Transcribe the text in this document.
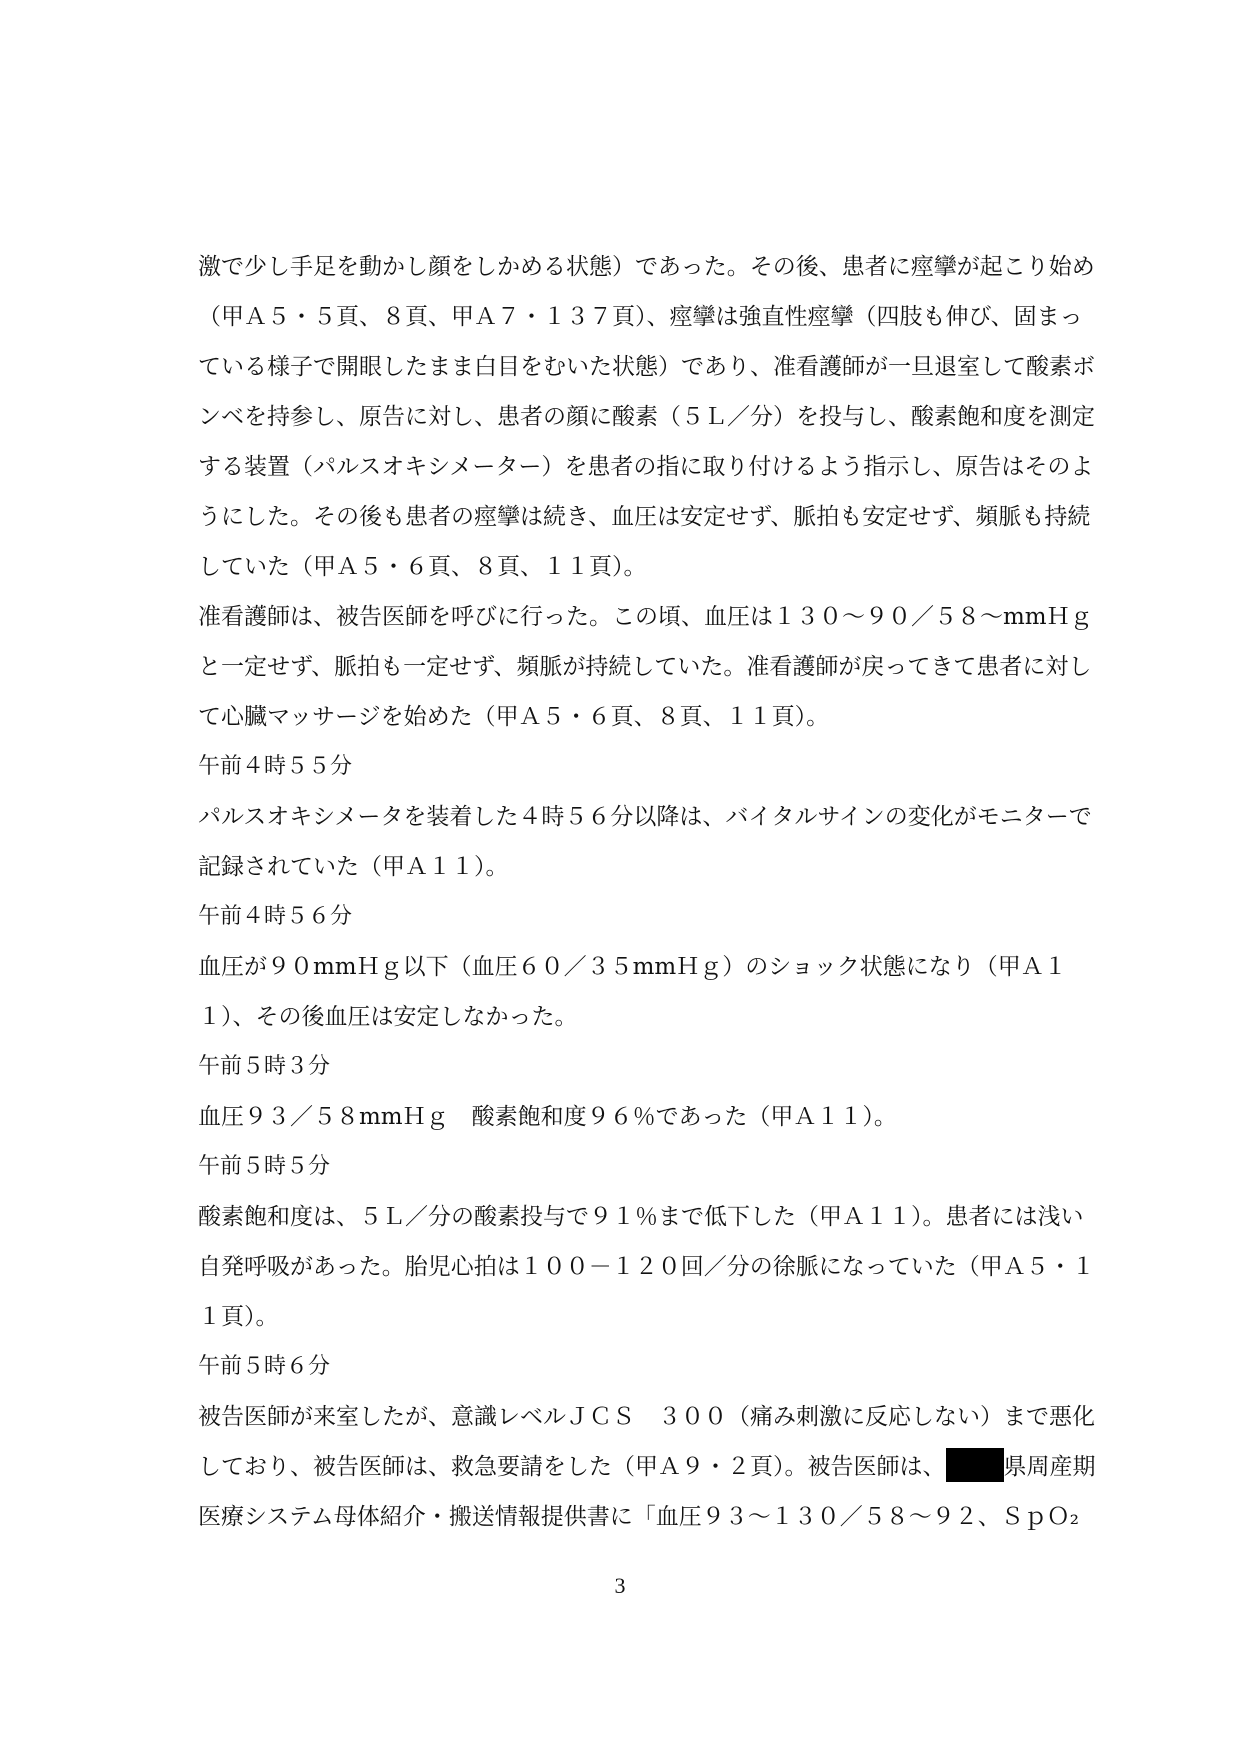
激で少し手足を動かし顔をしかめる状態）であった。その後、患者に痙攣が起こり始め
（甲Ａ５・５頁、８頁、甲Ａ７・１３７頁）、痙攣は強直性痙攣（四肢も伸び、固まっ
ている様子で開眼したまま白目をむいた状態）であり、准看護師が一旦退室して酸素ボ
ンベを持参し、原告に対し、患者の顔に酸素（５Ｌ／分）を投与し、酸素飽和度を測定
する装置（パルスオキシメーター）を患者の指に取り付けるよう指示し、原告はそのよ
うにした。その後も患者の痙攣は続き、血圧は安定せず、脈拍も安定せず、頻脈も持続
していた（甲Ａ５・６頁、８頁、１１頁）。
准看護師は、被告医師を呼びに行った。この頃、血圧は１３０～９０／５８～mmＨｇ
と一定せず、脈拍も一定せず、頻脈が持続していた。准看護師が戻ってきて患者に対し
て心臓マッサージを始めた（甲Ａ５・６頁、８頁、１１頁）。
午前４時５５分
パルスオキシメータを装着した４時５６分以降は、バイタルサインの変化がモニターで
記録されていた（甲Ａ１１）。
午前４時５６分
血圧が９０mmＨｇ以下（血圧６０／３５mmＨｇ）のショック状態になり（甲Ａ１
１）、その後血圧は安定しなかった。
午前５時３分
血圧９３／５８mmＨｇ　酸素飽和度９６％であった（甲Ａ１１）。
午前５時５分
酸素飽和度は、５Ｌ／分の酸素投与で９１％まで低下した（甲Ａ１１）。患者には浅い
自発呼吸があった。胎児心拍は１００－１２０回／分の徐脈になっていた（甲Ａ５・１
１頁）。
午前５時６分
被告医師が来室したが、意識レベルＪＣＳ　３００（痛み刺激に反応しない）まで悪化
しており、被告医師は、救急要請をした（甲Ａ９・２頁）。被告医師は、	県周産期
医療システム母体紹介・搬送情報提供書に「血圧９３～１３０／５８～９２、ＳｐＯ₂
3
